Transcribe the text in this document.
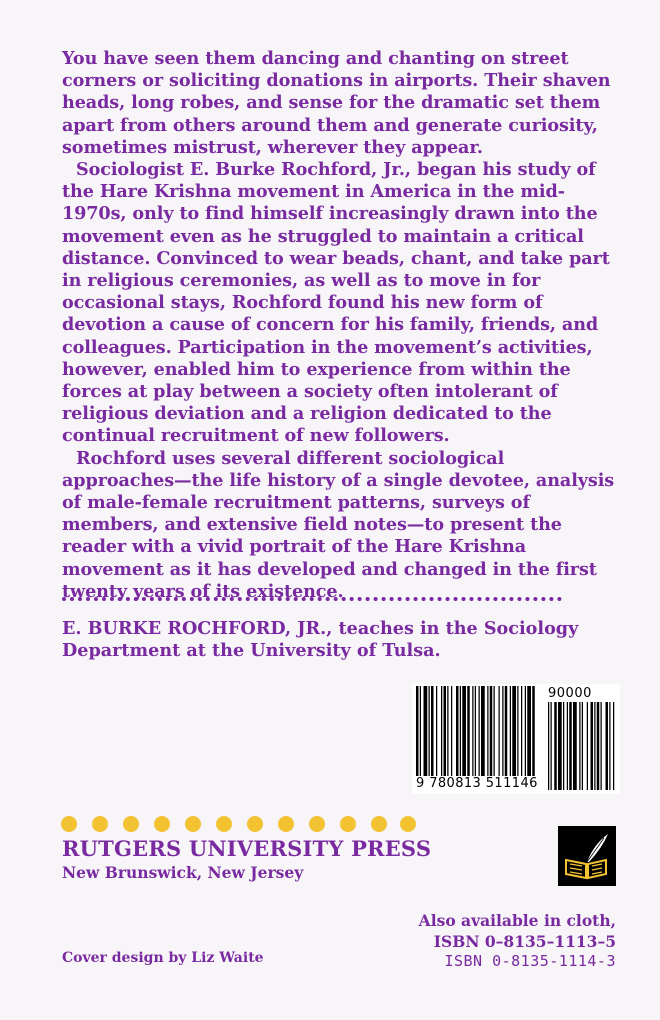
You have seen them dancing and chanting on street corners or soliciting donations in airports. Their shaven heads, long robes, and sense for the dramatic set them apart from others around them and generate curiosity, sometimes mistrust, wherever they appear.

Sociologist E. Burke Rochford, Jr., began his study of the Hare Krishna movement in America in the mid-1970s, only to find himself increasingly drawn into the movement even as he struggled to maintain a critical distance. Convinced to wear beads, chant, and take part in religious ceremonies, as well as to move in for occasional stays, Rochford found his new form of devotion a cause of concern for his family, friends, and colleagues. Participation in the movement’s activities, however, enabled him to experience from within the forces at play between a society often intolerant of religious deviation and a religion dedicated to the continual recruitment of new followers.

Rochford uses several different sociological approaches—the life history of a single devotee, analysis of male-female recruitment patterns, surveys of members, and extensive field notes—to present the reader with a vivid portrait of the Hare Krishna movement as it has developed and changed in the first twenty years of its existence.

E. BURKE ROCHFORD, JR., teaches in the Sociology Department at the University of Tulsa.
9 780813 511146
90000
RUTGERS UNIVERSITY PRESS
New Brunswick, New Jersey
Also available in cloth,
ISBN 0–8135–1113–5
ISBN 0-8135-1114-3
Cover design by Liz Waite
